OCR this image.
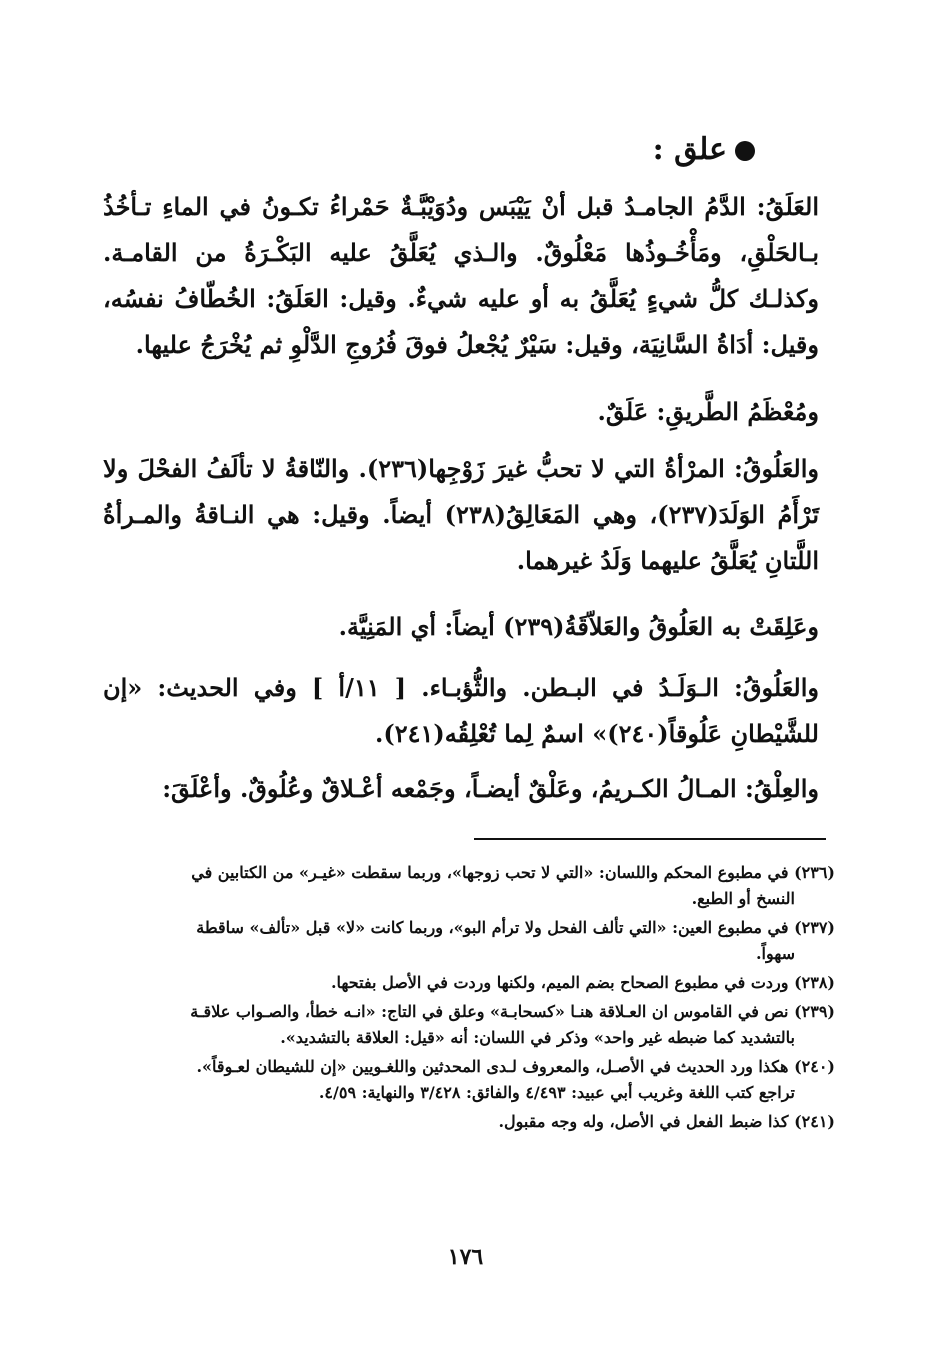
علق :
العَلَقُ: الدَّمُ الجامـدُ قبل أنْ يَيْبَس ودُوَيْبَّـةٌ حَمْراءُ تكـونُ في الماءِ تـأخُذُ بـالحَلْقِ، ومَأْخُـوذُها مَعْلُوقٌ. والـذي يُعَلَّقُ عليه البَكْـرَةُ من القامـة. وكذلـك كلُّ شيءٍ يُعَلَّقُ به أو عليه شيءٌ. وقيل: العَلَقُ: الخُطّافُ نفسُه، وقيل: أدَاةُ السَّانِيَة، وقيل: سَيْرٌ يُجْعلُ فوقَ فُرُوجِ الدَّلْوِ ثم يُخْرَجُ عليها.
ومُعْظَمُ الطَّريقِ: عَلَقٌ.
والعَلُوقُ: المرْأةُ التي لا تحبُّ غيرَ زَوْجِها(٢٣٦). والنّاقةُ لا تألَفُ الفحْلَ ولا تَرْأَمُ الوَلَدَ(٢٣٧)، وهي المَعَالِقُ(٢٣٨) أيضاً. وقيل: هي النـاقةُ والمـرأةُ اللَّتانِ يُعَلَّقُ عليهما وَلَدُ غيرهما.
وعَلِقَتْ به العَلُوقُ والعَلاّقَةُ(٢٣٩) أيضاً: أي المَنِيَّة.
والعَلُوقُ: الـوَلَـدُ في البـطن. والثُّؤبـاء. [ ١١/أ ] وفي الحديث: «إن للشَّيْطانِ عَلُوقاً(٢٤٠)» اسمٌ لِما تُعْلِقُه(٢٤١).
والعِلْقُ: المـالُ الكـريمُ، وعَلْقٌ أيضـاً، وجَمْعه أعْـلاقٌ وعُلُوقٌ. وأعْلَقَ:
(٢٣٦) في مطبوع المحكم واللسان: «التي لا تحب زوجها»، وربما سقطت «غيـر» من الكتابين في
النسخ أو الطبع.
(٢٣٧) في مطبوع العين: «التي تألف الفحل ولا ترأم البو»، وربما كانت «لا» قبل «تألف» ساقطة
سهواً.
(٢٣٨) وردت في مطبوع الصحاح بضم الميم، ولكنها وردت في الأصل بفتحها.
(٢٣٩) نص في القاموس ان العـلاقة هنـا «كسحابـة» وعلق في التاج: «انـه خطأ، والصـواب علاقـة
بالتشديد كما ضبطه غير واحد» وذكر في اللسان: أنه «قيل: العلاقة بالتشديد».
(٢٤٠) هكذا ورد الحديث في الأصـل، والمعروف لـدى المحدثين واللغـويين «إن للشيطان لعـوقاً».
تراجع كتب اللغة وغريب أبي عبيد: ٤/٤٩٣ والفائق: ٣/٤٢٨ والنهاية: ٤/٥٩.
(٢٤١) كذا ضبط الفعل في الأصل، وله وجه مقبول.
١٧٦
